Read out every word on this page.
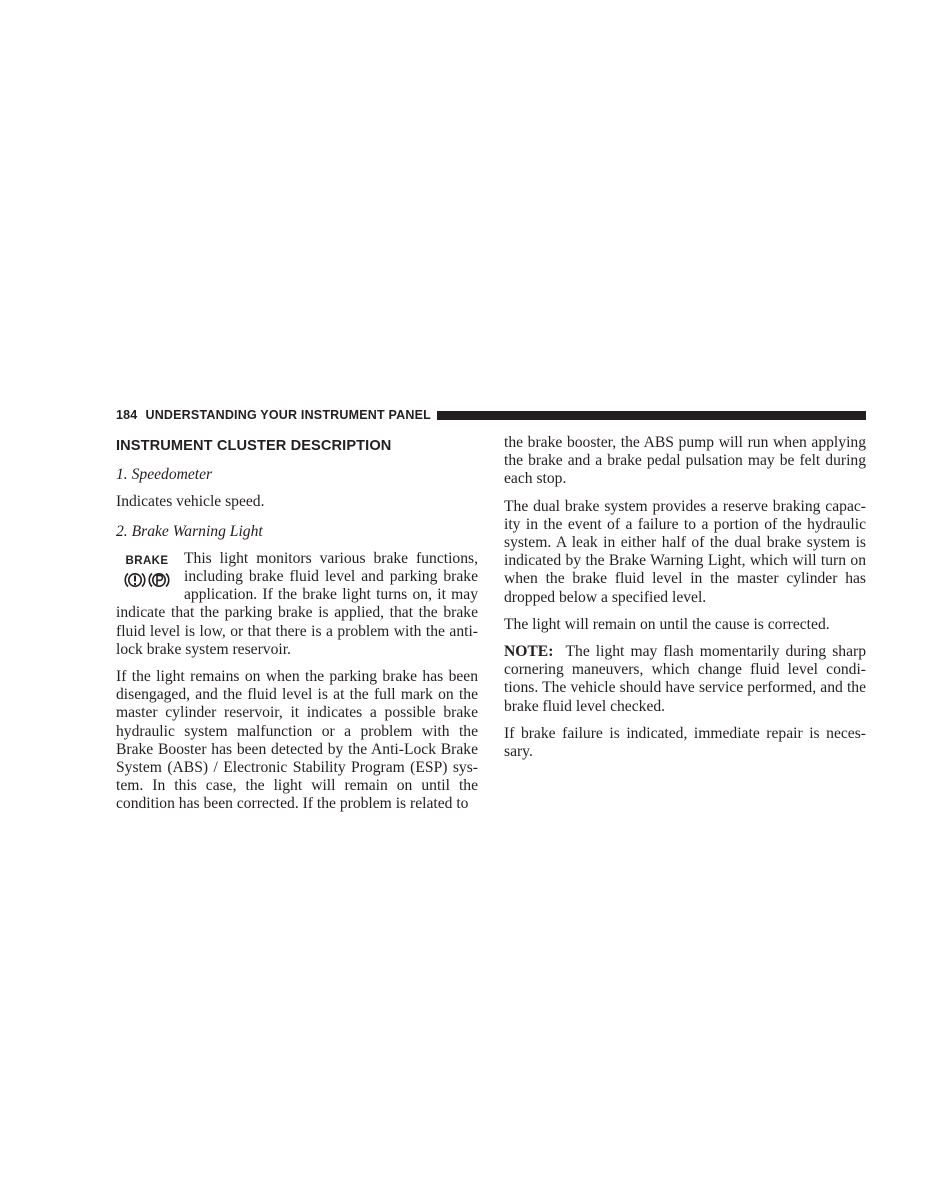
184 UNDERSTANDING YOUR INSTRUMENT PANEL
INSTRUMENT CLUSTER DESCRIPTION

1. Speedometer

Indicates vehicle speed.

2. Brake Warning Light

BRAKE This light monitors various brake functions, including brake fluid level and parking brake application. If the brake light turns on, it may indicate that the parking brake is applied, that the brake fluid level is low, or that there is a problem with the anti-lock brake system reservoir.

If the light remains on when the parking brake has been disengaged, and the fluid level is at the full mark on the master cylinder reservoir, it indicates a possible brake hydraulic system malfunction or a problem with the Brake Booster has been detected by the Anti-Lock Brake System (ABS) / Electronic Stability Program (ESP) system. In this case, the light will remain on until the condition has been corrected. If the problem is related to

the brake booster, the ABS pump will run when applying the brake and a brake pedal pulsation may be felt during each stop.

The dual brake system provides a reserve braking capacity in the event of a failure to a portion of the hydraulic system. A leak in either half of the dual brake system is indicated by the Brake Warning Light, which will turn on when the brake fluid level in the master cylinder has dropped below a specified level.

The light will remain on until the cause is corrected.

NOTE: The light may flash momentarily during sharp cornering maneuvers, which change fluid level conditions. The vehicle should have service performed, and the brake fluid level checked.

If brake failure is indicated, immediate repair is necessary.
